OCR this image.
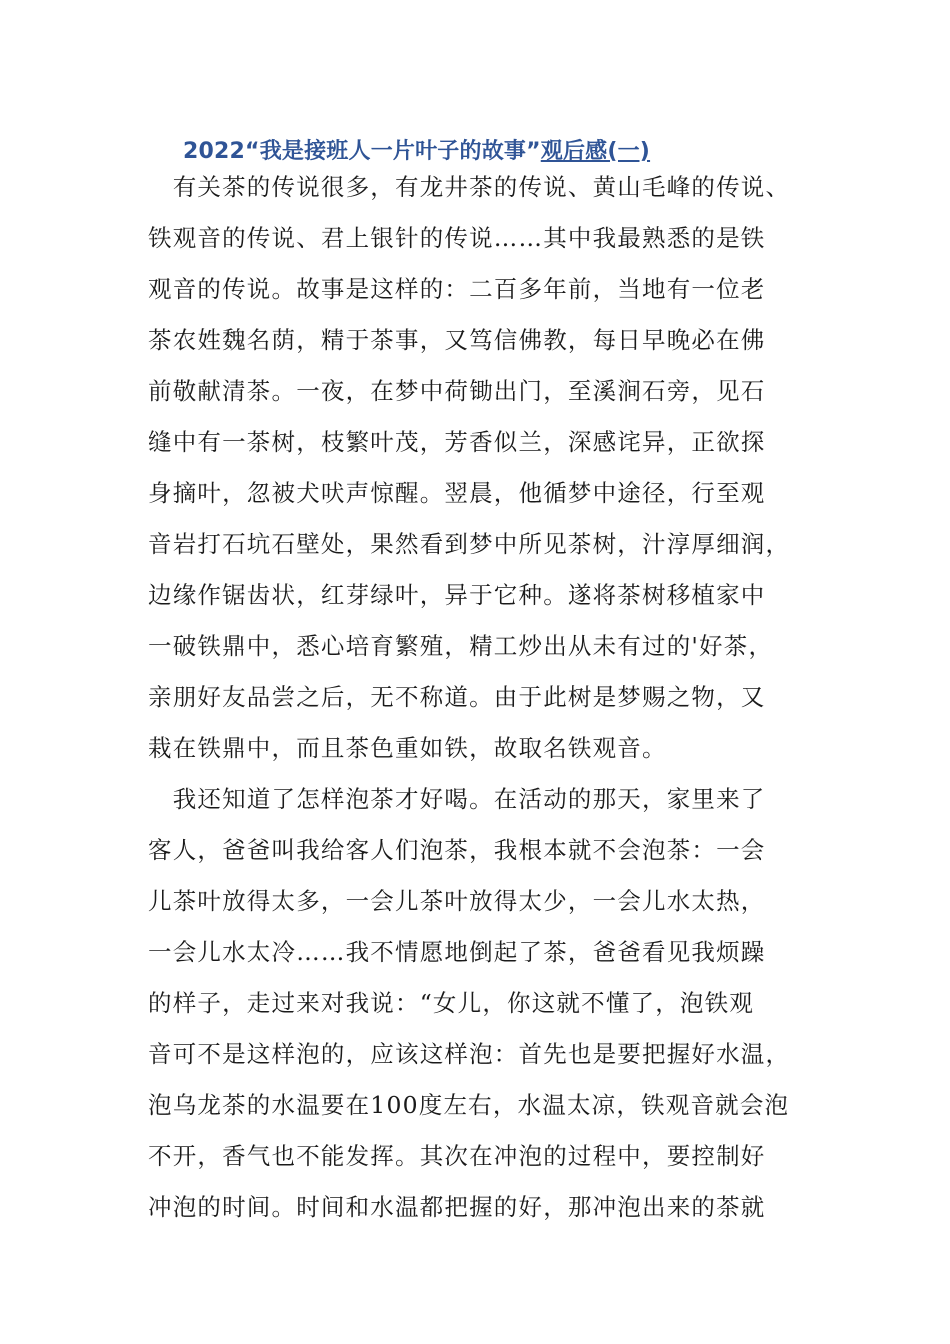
2022“我是接班人一片叶子的故事”观后感(一)
　有关茶的传说很多，有龙井茶的传说、黄山毛峰的传说、
铁观音的传说、君上银针的传说……其中我最熟悉的是铁
观音的传说。故事是这样的：二百多年前，当地有一位老
茶农姓魏名荫，精于茶事，又笃信佛教，每日早晚必在佛
前敬献清茶。一夜，在梦中荷锄出门，至溪涧石旁，见石
缝中有一茶树，枝繁叶茂，芳香似兰，深感诧异，正欲探
身摘叶，忽被犬吠声惊醒。翌晨，他循梦中途径，行至观
音岩打石坑石壁处，果然看到梦中所见茶树，汁淳厚细润，
边缘作锯齿状，红芽绿叶，异于它种。遂将茶树移植家中
一破铁鼎中，悉心培育繁殖，精工炒出从未有过的'好茶，
亲朋好友品尝之后，无不称道。由于此树是梦赐之物，又
栽在铁鼎中，而且茶色重如铁，故取名铁观音。
　我还知道了怎样泡茶才好喝。在活动的那天，家里来了
客人，爸爸叫我给客人们泡茶，我根本就不会泡茶：一会
儿茶叶放得太多，一会儿茶叶放得太少，一会儿水太热，
一会儿水太冷……我不情愿地倒起了茶，爸爸看见我烦躁
的样子，走过来对我说：“女儿，你这就不懂了，泡铁观
音可不是这样泡的，应该这样泡：首先也是要把握好水温，
泡乌龙茶的水温要在100度左右，水温太凉，铁观音就会泡
不开，香气也不能发挥。其次在冲泡的过程中，要控制好
冲泡的时间。时间和水温都把握的好，那冲泡出来的茶就
